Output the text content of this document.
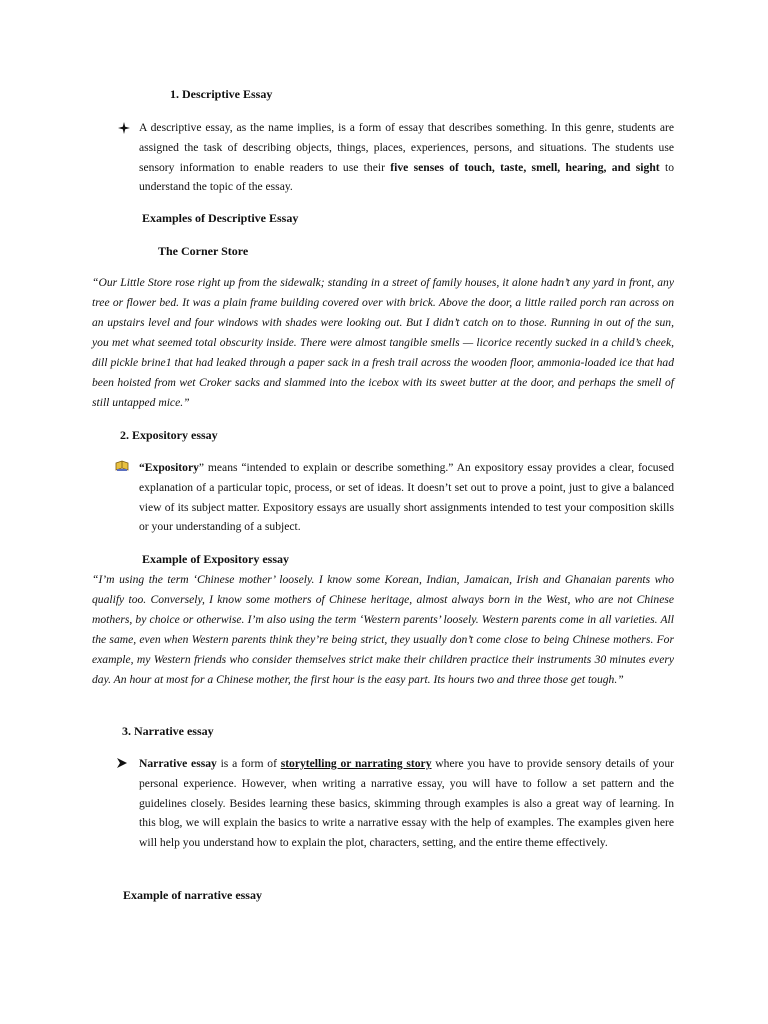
1. Descriptive Essay

A descriptive essay, as the name implies, is a form of essay that describes something. In this genre, students are assigned the task of describing objects, things, places, experiences, persons, and situations. The students use sensory information to enable readers to use their five senses of touch, taste, smell, hearing, and sight to understand the topic of the essay.

Examples of Descriptive Essay
The Corner Store

“Our Little Store rose right up from the sidewalk; standing in a street of family houses, it alone hadn’t any yard in front, any tree or flower bed. It was a plain frame building covered over with brick. Above the door, a little railed porch ran across on an upstairs level and four windows with shades were looking out. But I didn’t catch on to those. Running in out of the sun, you met what seemed total obscurity inside. There were almost tangible smells — licorice recently sucked in a child’s cheek, dill pickle brine1 that had leaked through a paper sack in a fresh trail across the wooden floor, ammonia-loaded ice that had been hoisted from wet Croker sacks and slammed into the icebox with its sweet butter at the door, and perhaps the smell of still untapped mice.”

2. Expository essay

“Expository” means “intended to explain or describe something.” An expository essay provides a clear, focused explanation of a particular topic, process, or set of ideas. It doesn’t set out to prove a point, just to give a balanced view of its subject matter. Expository essays are usually short assignments intended to test your composition skills or your understanding of a subject.

Example of Expository essay

“I’m using the term ‘Chinese mother’ loosely. I know some Korean, Indian, Jamaican, Irish and Ghanaian parents who qualify too. Conversely, I know some mothers of Chinese heritage, almost always born in the West, who are not Chinese mothers, by choice or otherwise. I’m also using the term ‘Western parents’ loosely. Western parents come in all varieties. All the same, even when Western parents think they’re being strict, they usually don’t come close to being Chinese mothers. For example, my Western friends who consider themselves strict make their children practice their instruments 30 minutes every day. An hour at most for a Chinese mother, the first hour is the easy part. Its hours two and three those get tough.”

3. Narrative essay

Narrative essay is a form of storytelling or narrating story where you have to provide sensory details of your personal experience. However, when writing a narrative essay, you will have to follow a set pattern and the guidelines closely. Besides learning these basics, skimming through examples is also a great way of learning. In this blog, we will explain the basics to write a narrative essay with the help of examples. The examples given here will help you understand how to explain the plot, characters, setting, and the entire theme effectively.

Example of narrative essay
